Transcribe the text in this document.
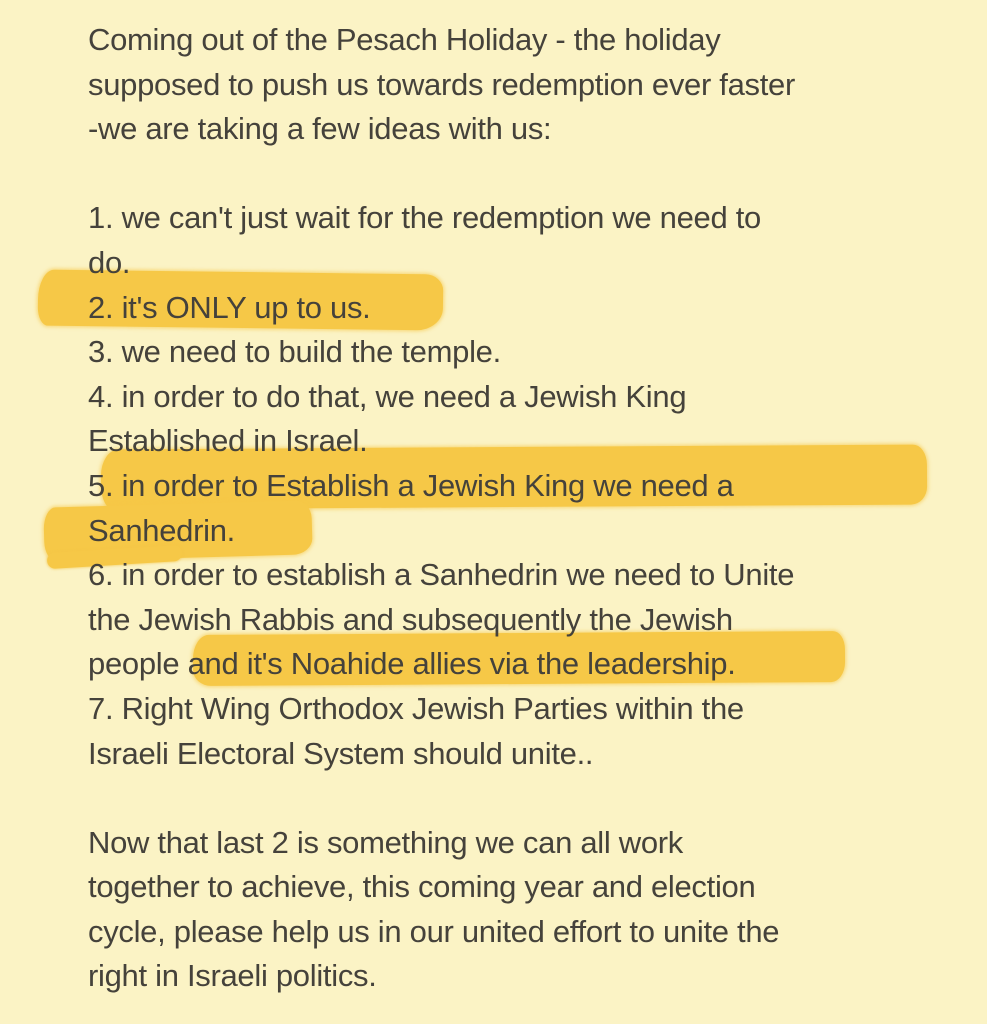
Coming out of the Pesach Holiday - the holiday
supposed to push us towards redemption ever faster
-we are taking a few ideas with us:
1. we can't just wait for the redemption we need to
do.
2. it's ONLY up to us.
3. we need to build the temple.
4. in order to do that, we need a Jewish King
Established in Israel.
5. in order to Establish a Jewish King we need a
Sanhedrin.
6. in order to establish a Sanhedrin we need to Unite
the Jewish Rabbis and subsequently the Jewish
people and it's Noahide allies via the leadership.
7. Right Wing Orthodox Jewish Parties within the
Israeli Electoral System should unite..
Now that last 2 is something we can all work
together to achieve, this coming year and election
cycle, please help us in our united effort to unite the
right in Israeli politics.
